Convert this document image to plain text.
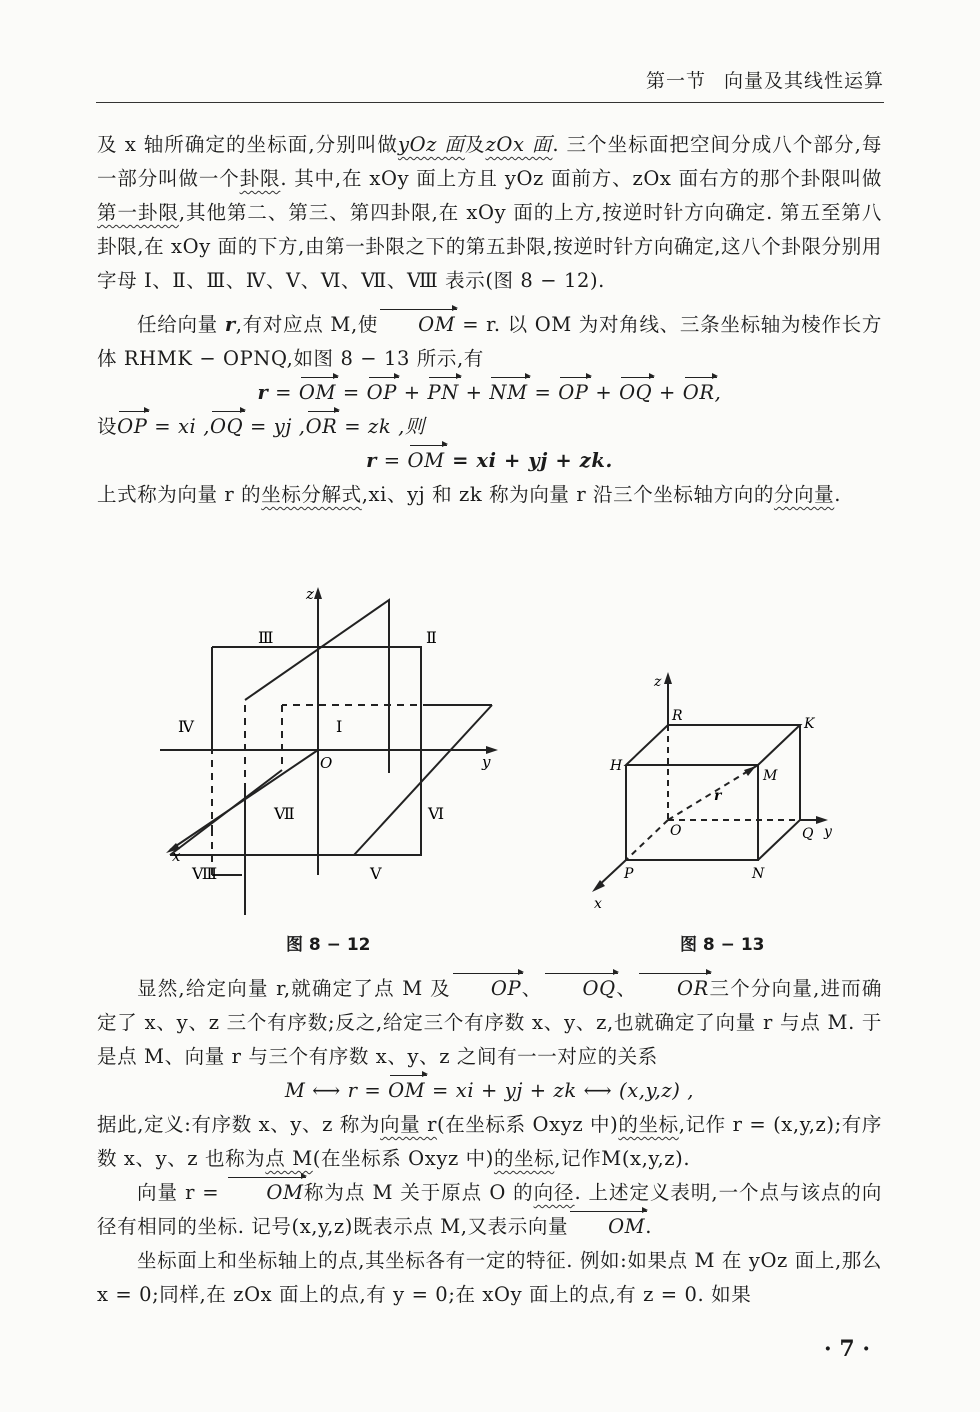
第一节 向量及其线性运算

及 x 轴所确定的坐标面,分别叫做yOz 面及zOx 面. 三个坐标面把空间分成八个部分,每一部分叫做一个卦限. 其中,在 xOy 面上方且 yOz 面前方、zOx 面右方的那个卦限叫做第一卦限,其他第二、第三、第四卦限,在 xOy 面的上方,按逆时针方向确定. 第五至第八卦限,在 xOy 面的下方,由第一卦限之下的第五卦限,按逆时针方向确定,这八个卦限分别用字母 Ⅰ、Ⅱ、Ⅲ、Ⅳ、Ⅴ、Ⅵ、Ⅶ、Ⅷ 表示(图 8 − 12).

任给向量 r,有对应点 M,使 OM = r. 以 OM 为对角线、三条坐标轴为棱作长方体 RHMK − OPNQ,如图 8 − 13 所示,有

r = OM = OP + PN + NM = OP + OQ + OR,

设OP = xi ,OQ = yj ,OR = zk ,则

r = OM = xi + yj + zk.

上式称为向量 r 的坐标分解式,xi、yj 和 zk 称为向量 r 沿三个坐标轴方向的分向量.

z
y
x
O
Ⅰ
Ⅱ
Ⅲ
Ⅳ
Ⅴ
Ⅵ
Ⅶ
Ⅷ
图 8 − 12
z
y
x
O
r
R	K
H
M
Q
P	N
图 8 − 13

显然,给定向量 r,就确定了点 M 及 OP、 OQ、 OR三个分向量,进而确定了 x、y、z 三个有序数;反之,给定三个有序数 x、y、z,也就确定了向量 r 与点 M. 于是点 M、向量 r 与三个有序数 x、y、z 之间有一一对应的关系

M ⟷ r = OM = xi + yj + zk ⟷ (x,y,z) ,

据此,定义:有序数 x、y、z 称为向量 r(在坐标系 Oxyz 中)的坐标,记作 r = (x,y,z);有序数 x、y、z 也称为点 M(在坐标系 Oxyz 中)的坐标,记作M(x,y,z).

向量 r = OM称为点 M 关于原点 O 的向径. 上述定义表明,一个点与该点的向径有相同的坐标. 记号(x,y,z)既表示点 M,又表示向量 OM.

坐标面上和坐标轴上的点,其坐标各有一定的特征. 例如:如果点 M 在 yOz 面上,那么 x = 0;同样,在 zOx 面上的点,有 y = 0;在 xOy 面上的点,有 z = 0. 如果

· 7 ·
